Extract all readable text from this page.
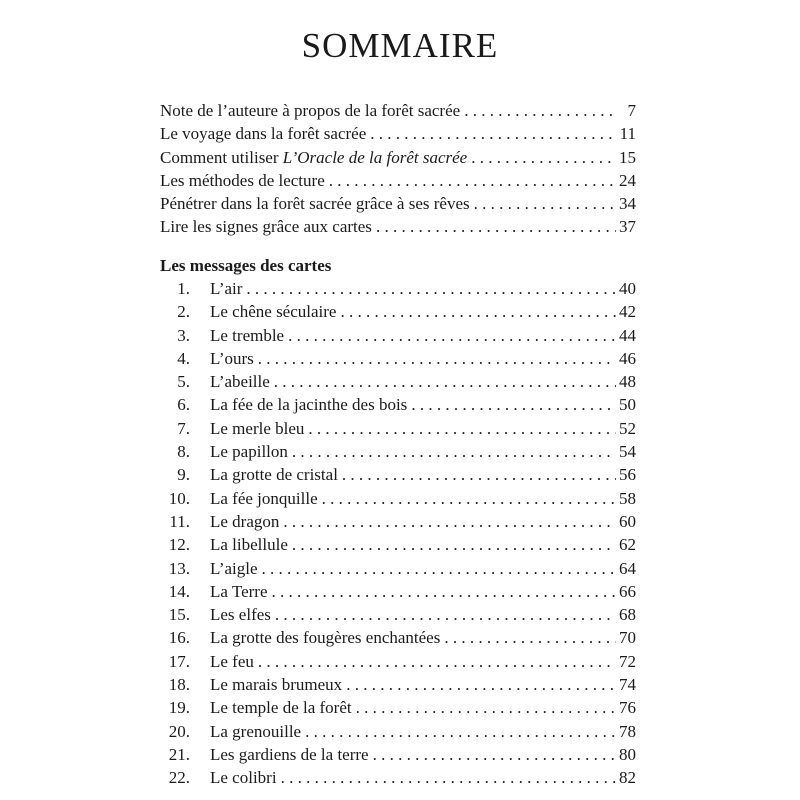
SOMMAIRE
Note de l’auteure à propos de la forêt sacrée . . .	7
Le voyage dans la forêt sacrée . . .	11
Comment utiliser L’Oracle de la forêt sacrée . . .	15
Les méthodes de lecture . . .	24
Pénétrer dans la forêt sacrée grâce à ses rêves . . .	34
Lire les signes grâce aux cartes . . .	37
Les messages des cartes
1.	L’air . . .	40
2.	Le chêne séculaire . . .	42
3.	Le tremble . . .	44
4.	L’ours . . .	46
5.	L’abeille . . .	48
6.	La fée de la jacinthe des bois . . .	50
7.	Le merle bleu . . .	52
8.	Le papillon . . .	54
9.	La grotte de cristal . . .	56
10.	La fée jonquille . . .	58
11.	Le dragon . . .	60
12.	La libellule . . .	62
13.	L’aigle . . .	64
14.	La Terre . . .	66
15.	Les elfes . . .	68
16.	La grotte des fougères enchantées . . .	70
17.	Le feu . . .	72
18.	Le marais brumeux . . .	74
19.	Le temple de la forêt . . .	76
20.	La grenouille . . .	78
21.	Les gardiens de la terre . . .	80
22.	Le colibri . . .	82
